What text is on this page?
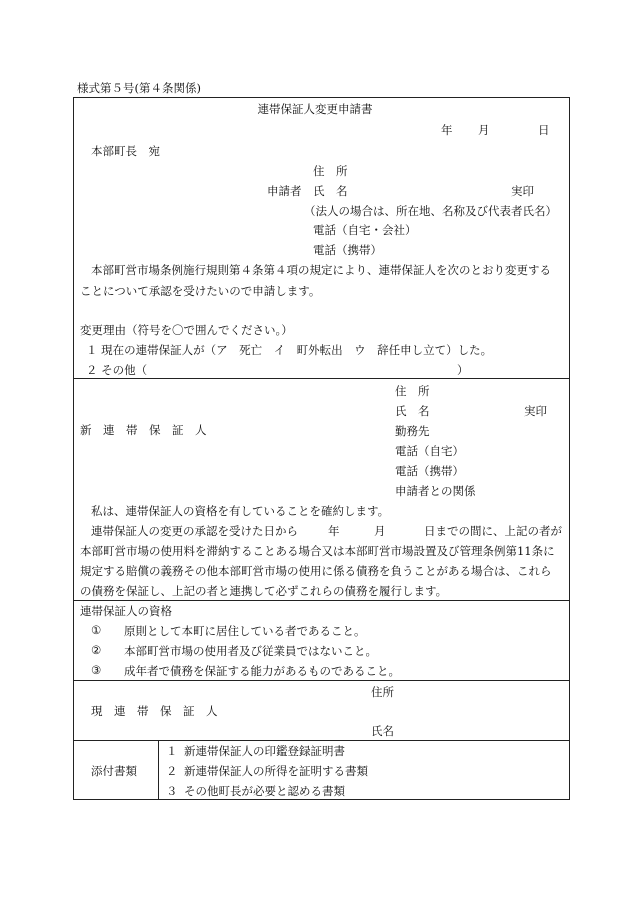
様式第５号(第４条関係)
連帯保証人変更申請書
年 月	日
本部町長　宛
住　所
申請者 氏　名	実印
（法人の場合は、所在地、名称及び代表者氏名）
電話（自宅・会社）
電話（携帯）
本部町営市場条例施行規則第４条第４項の規定により、連帯保証人を次のとおり変更する
ことについて承認を受けたいので申請します。
変更理由（符号を〇で囲んでください。）
１ 現在の連帯保証人が（ア　死亡　イ　町外転出　ウ　辞任申し立て）した。
２ その他（	）
新　連　帯　保　証　人
住　所
氏　名	実印
勤務先
電話（自宅）
電話（携帯）
申請者との関係
私は、連帯保証人の資格を有していることを確約します。
連帯保証人の変更の承認を受けた日から	年	月	日までの間に、上記の者が
本部町営市場の使用料を滞納することある場合又は本部町営市場設置及び管理条例第11条に
規定する賠償の義務その他本部町営市場の使用に係る債務を負うことがある場合は、これら
の債務を保証し、上記の者と連携して必ずこれらの債務を履行します。
連帯保証人の資格
① 原則として本町に居住している者であること。
② 本部町営市場の使用者及び従業員ではないこと。
③ 成年者で債務を保証する能力があるものであること。
住所
現　連　帯　保　証　人
氏名
添付書類
１ 新連帯保証人の印鑑登録証明書
２ 新連帯保証人の所得を証明する書類
３ その他町長が必要と認める書類
